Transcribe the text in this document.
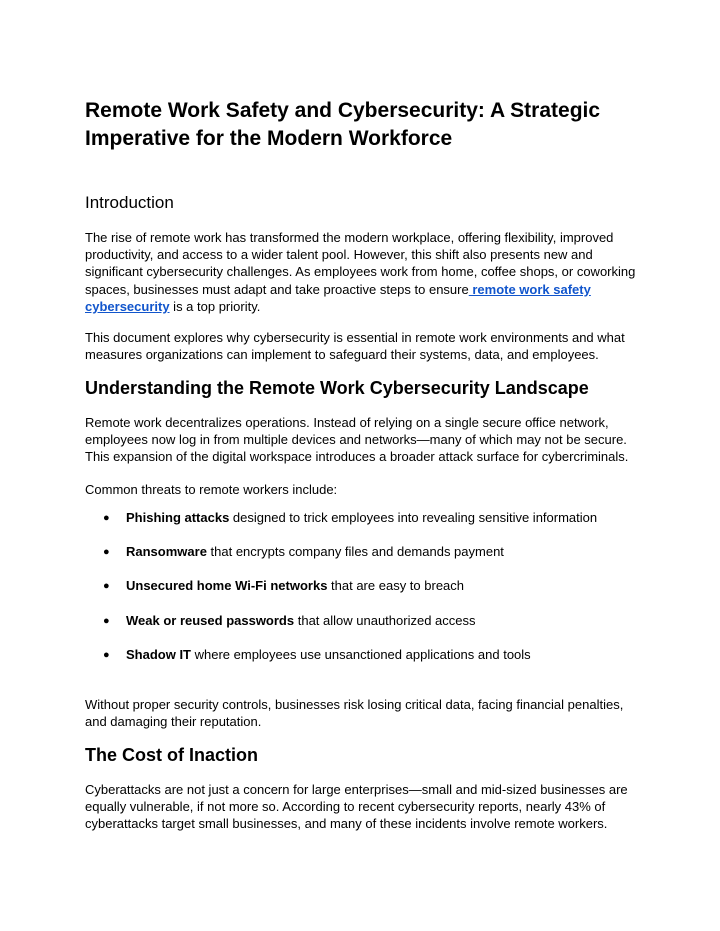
Remote Work Safety and Cybersecurity: A Strategic Imperative for the Modern Workforce
Introduction

The rise of remote work has transformed the modern workplace, offering flexibility, improved productivity, and access to a wider talent pool. However, this shift also presents new and significant cybersecurity challenges. As employees work from home, coffee shops, or coworking spaces, businesses must adapt and take proactive steps to ensure remote work safety cybersecurity is a top priority.

This document explores why cybersecurity is essential in remote work environments and what measures organizations can implement to safeguard their systems, data, and employees.

Understanding the Remote Work Cybersecurity Landscape

Remote work decentralizes operations. Instead of relying on a single secure office network, employees now log in from multiple devices and networks—many of which may not be secure. This expansion of the digital workspace introduces a broader attack surface for cybercriminals.

Common threats to remote workers include:

● Phishing attacks designed to trick employees into revealing sensitive information
● Ransomware that encrypts company files and demands payment
● Unsecured home Wi-Fi networks that are easy to breach
● Weak or reused passwords that allow unauthorized access
● Shadow IT where employees use unsanctioned applications and tools

Without proper security controls, businesses risk losing critical data, facing financial penalties, and damaging their reputation.

The Cost of Inaction

Cyberattacks are not just a concern for large enterprises—small and mid-sized businesses are equally vulnerable, if not more so. According to recent cybersecurity reports, nearly 43% of cyberattacks target small businesses, and many of these incidents involve remote workers.
